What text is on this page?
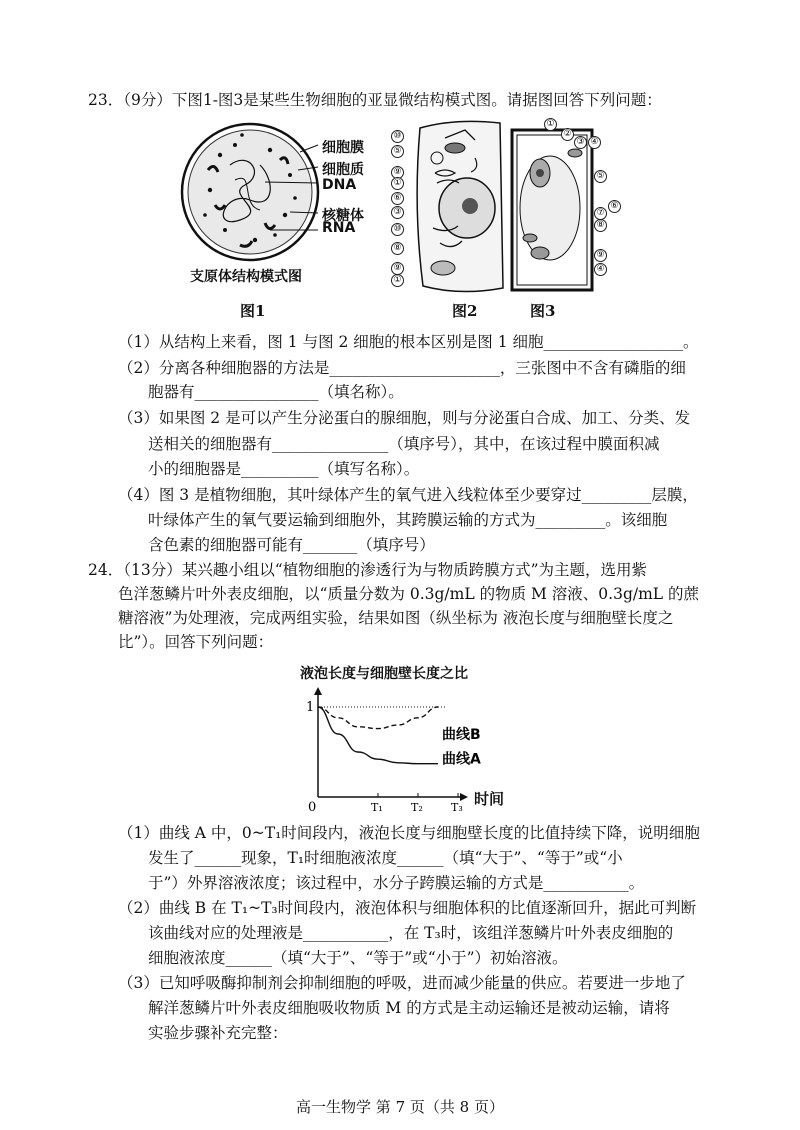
23．（9分）下图1-图3是某些生物细胞的亚显微结构模式图。请据图回答下列问题：
细胞膜
细胞质
DNA
核糖体
RNA
支原体结构模式图
图1
⑩
⑤
⑨
①
⑥
③
⑩
⑧
⑨
①
图2
①
②
③ ④
⑤
⑥
⑦
⑧
⑨
④
图3
（1）从结构上来看，图 1 与图 2 细胞的根本区别是图 1 细胞__________________。
（2）分离各种细胞器的方法是______________________，三张图中不含有磷脂的细
胞器有________________（填名称）。
（3）如果图 2 是可以产生分泌蛋白的腺细胞，则与分泌蛋白合成、加工、分类、发
送相关的细胞器有_______________（填序号），其中，在该过程中膜面积减
小的细胞器是__________（填写名称）。
（4）图 3 是植物细胞，其叶绿体产生的氧气进入线粒体至少要穿过_________层膜，
叶绿体产生的氧气要运输到细胞外，其跨膜运输的方式为_________。该细胞
含色素的细胞器可能有_______（填序号）
24．（13分）某兴趣小组以“植物细胞的渗透行为与物质跨膜方式”为主题，选用紫
色洋葱鳞片叶外表皮细胞，以“质量分数为 0.3g/mL 的物质 M 溶液、0.3g/mL 的蔗
糖溶液”为处理液，完成两组实验，结果如图（纵坐标为 液泡长度与细胞壁长度之
比”）。回答下列问题：
液泡长度与细胞壁长度之比
曲线A
曲线B
0	T₁	T₂	T₃
1
时间
（1）曲线 A 中，0~T₁时间段内，液泡长度与细胞壁长度的比值持续下降，说明细胞
发生了______现象，T₁时细胞液浓度______（填“大于”、“等于”或“小
于”）外界溶液浓度；该过程中，水分子跨膜运输的方式是___________。
（2）曲线 B 在 T₁~T₃时间段内，液泡体积与细胞体积的比值逐渐回升，据此可判断
该曲线对应的处理液是___________，在 T₃时，该组洋葱鳞片叶外表皮细胞的
细胞液浓度______（填“大于”、“等于”或“小于”）初始溶液。
（3）已知呼吸酶抑制剂会抑制细胞的呼吸，进而减少能量的供应。若要进一步地了
解洋葱鳞片叶外表皮细胞吸收物质 M 的方式是主动运输还是被动运输，请将
实验步骤补充完整：
高一生物学 第 7 页（共 8 页）
